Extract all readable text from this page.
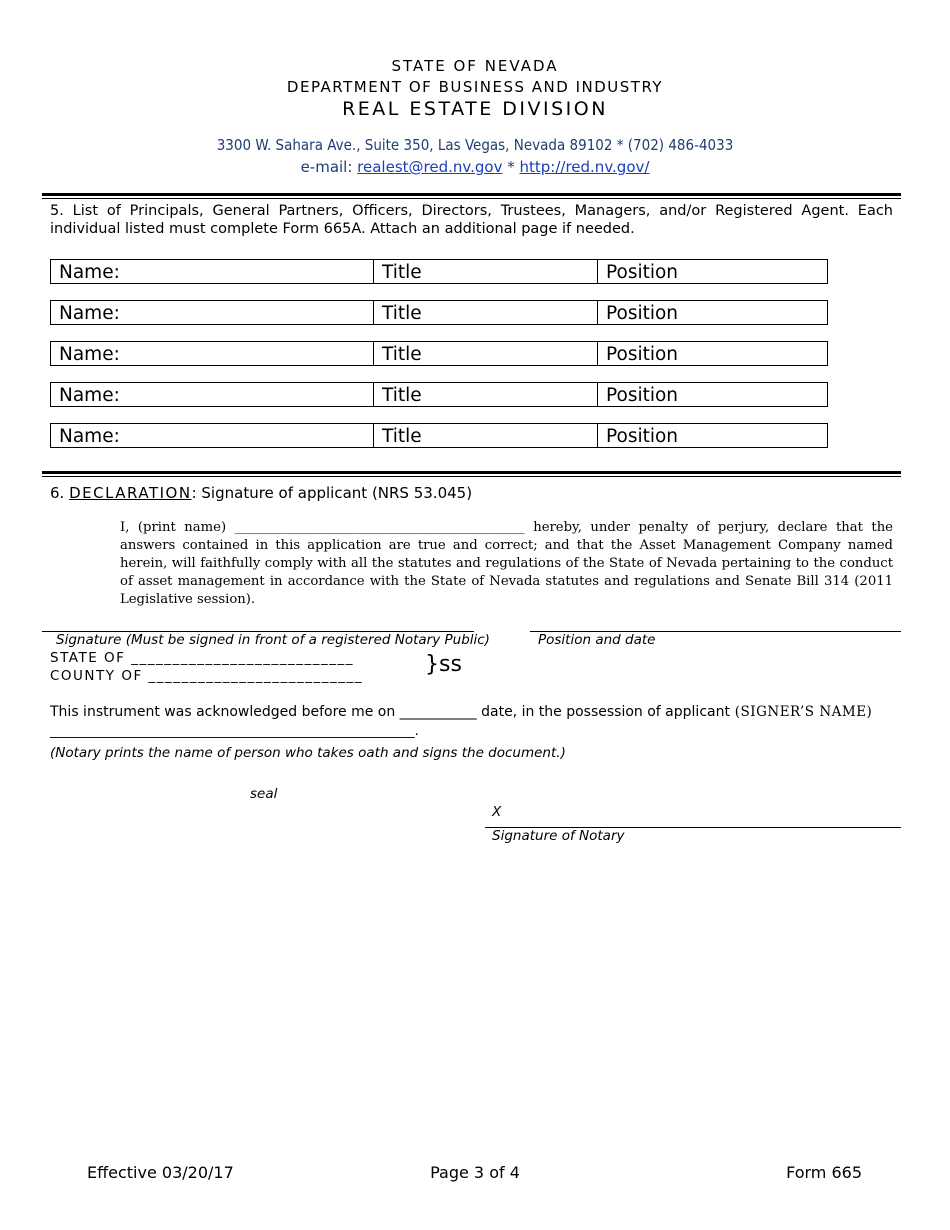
STATE OF NEVADA
DEPARTMENT OF BUSINESS AND INDUSTRY
REAL ESTATE DIVISION
3300 W. Sahara Ave., Suite 350, Las Vegas, Nevada 89102 * (702) 486-4033
e-mail: realest@red.nv.gov * http://red.nv.gov/
5. List of Principals, General Partners, Officers, Directors, Trustees, Managers, and/or Registered Agent. Each individual listed must complete Form 665A. Attach an additional page if needed.
Name:	Title	Position
Name:	Title	Position
Name:	Title	Position
Name:	Title	Position
Name:	Title	Position
6. DECLARATION: Signature of applicant (NRS 53.045)
I, (print name) ____________________________________________ hereby, under penalty of perjury, declare that the answers contained in this application are true and correct; and that the Asset Management Company named herein, will faithfully comply with all the statutes and regulations of the State of Nevada pertaining to the conduct of asset management in accordance with the State of Nevada statutes and regulations and Senate Bill 314 (2011 Legislative session).
Signature (Must be signed in front of a registered Notary Public)	Position and date
STATE OF ___________________________
COUNTY OF __________________________	}ss
This instrument was acknowledged before me on ___________ date, in the possession of applicant (SIGNER’S NAME)
______________________________________________________.
(Notary prints the name of person who takes oath and signs the document.)
seal
X
Signature of Notary
Effective 03/20/17	Page 3 of 4	Form 665
